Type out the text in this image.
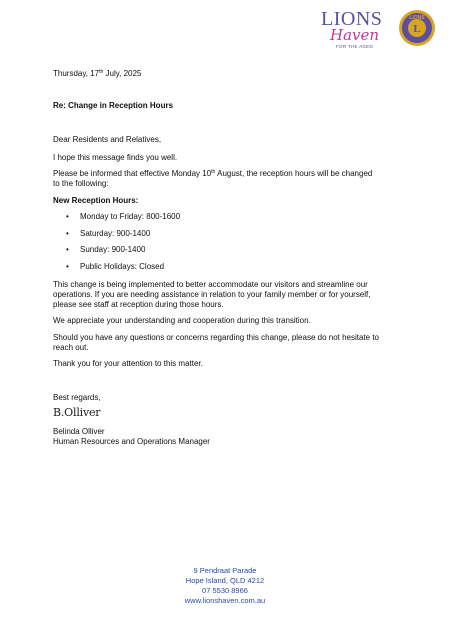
LIONS
Haven
FOR THE AGED
LIONS
L
Thursday, 17th July, 2025
Re: Change in Reception Hours
Dear Residents and Relatives,
I hope this message finds you well.
Please be informed that effective Monday 10th August, the reception hours will be changed
to the following:
New Reception Hours:
• Monday to Friday: 800-1600
• Saturday: 900-1400
• Sunday: 900-1400
• Public Holidays: Closed
This change is being implemented to better accommodate our visitors and streamline our
operations. If you are needing assistance in relation to your family member or for yourself,
please see staff at reception during those hours.
We appreciate your understanding and cooperation during this transition.
Should you have any questions or concerns regarding this change, please do not hesitate to
reach out.
Thank you for your attention to this matter.
Best regards,
B.Olliver
Belinda Olliver
Human Resources and Operations Manager
9 Pendraat Parade
Hope Island, QLD 4212
07 5530 8966
www.lionshaven.com.au
